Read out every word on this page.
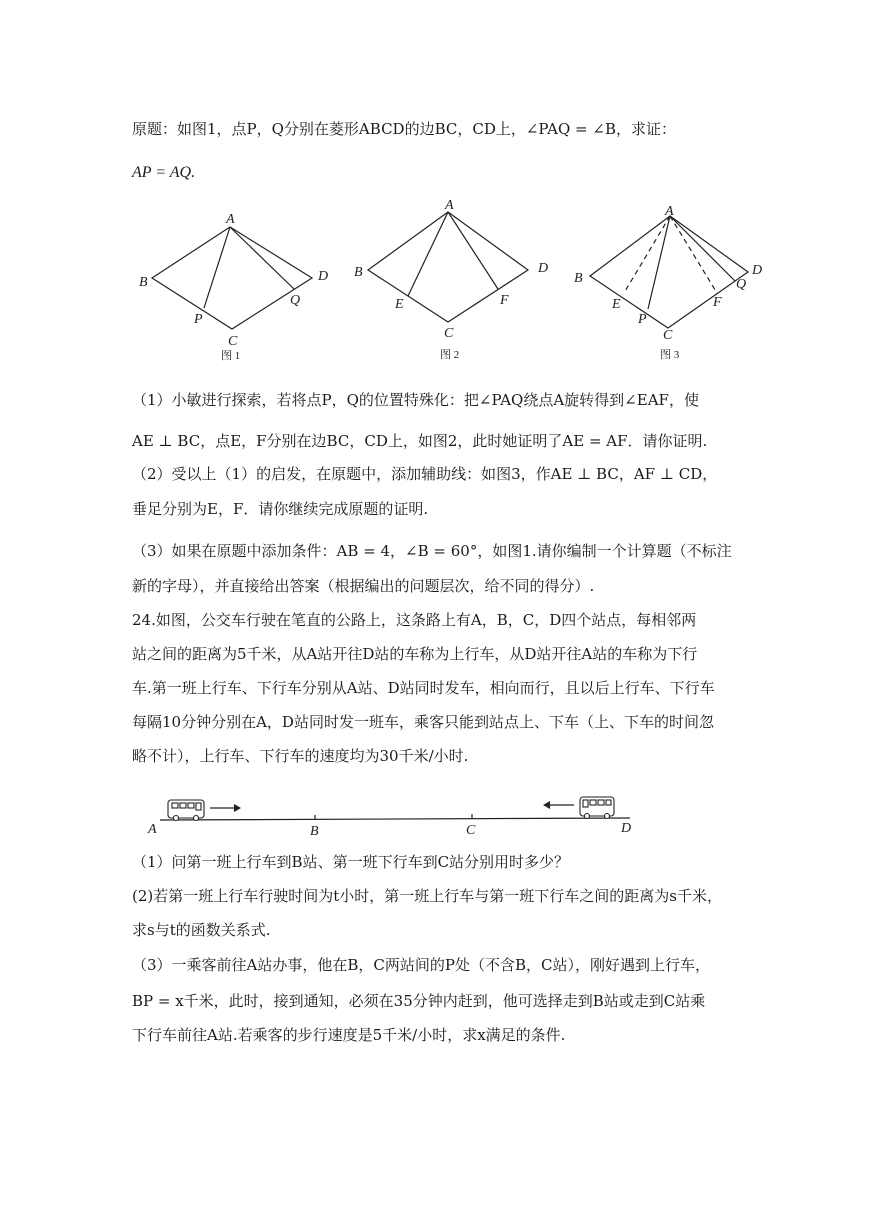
原题：如图1，点P，Q分别在菱形ABCD的边BC，CD上，∠PAQ = ∠B，求证：
AP = AQ.
A
B
C
D
P
Q
图 1
A
B
C
D
E	F
图 2
A
B
C
D
E	F
P
Q
图 3
（1）小敏进行探索，若将点P，Q的位置特殊化：把∠PAQ绕点A旋转得到∠EAF，使
AE ⊥ BC，点E，F分别在边BC，CD上，如图2，此时她证明了AE = AF．请你证明.
（2）受以上（1）的启发，在原题中，添加辅助线：如图3，作AE ⊥ BC，AF ⊥ CD，
垂足分别为E，F．请你继续完成原题的证明.
（3）如果在原题中添加条件：AB = 4，∠B = 60°，如图1.请你编制一个计算题（不标注
新的字母），并直接给出答案（根据编出的问题层次，给不同的得分）.
24.如图，公交车行驶在笔直的公路上，这条路上有A，B，C，D四个站点，每相邻两
站之间的距离为5千米，从A站开往D站的车称为上行车，从D站开往A站的车称为下行
车.第一班上行车、下行车分别从A站、D站同时发车，相向而行，且以后上行车、下行车
每隔10分钟分别在A，D站同时发一班车，乘客只能到站点上、下车（上、下车的时间忽
略不计），上行车、下行车的速度均为30千米/小时.
A	B	C	D
（1）问第一班上行车到B站、第一班下行车到C站分别用时多少？
(2)若第一班上行车行驶时间为t小时，第一班上行车与第一班下行车之间的距离为s千米，
求s与t的函数关系式.
（3）一乘客前往A站办事，他在B，C两站间的P处（不含B，C站），刚好遇到上行车，
BP = x千米，此时，接到通知，必须在35分钟内赶到，他可选择走到B站或走到C站乘
下行车前往A站.若乘客的步行速度是5千米/小时，求x满足的条件.
